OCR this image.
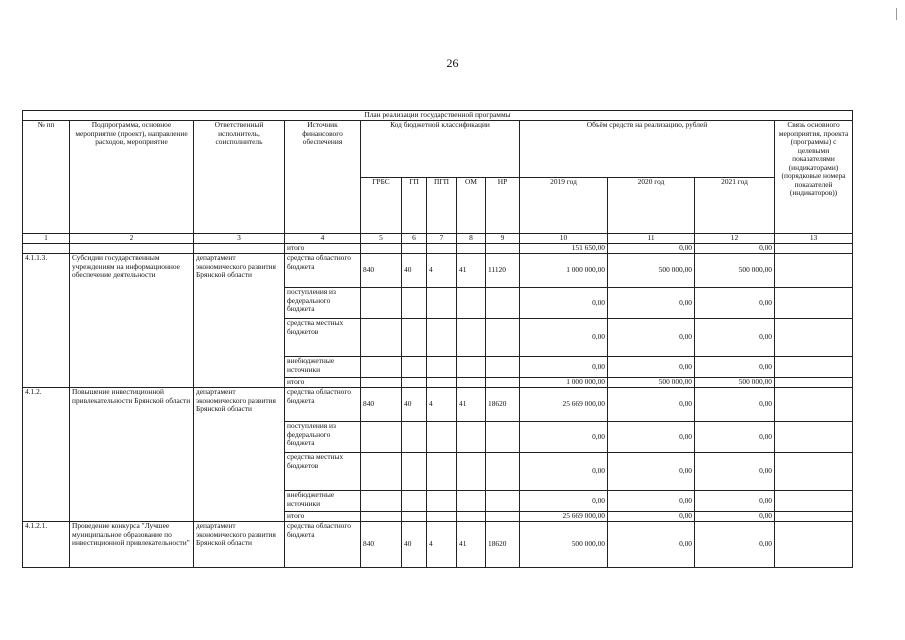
26
План реализации государственной программы												
№ пп	Подпрограмма, основное мероприятие (проект), направление расходов, мероприятие	Ответственный исполнитель, соисполнитель	Источник финансового обеспечения	Код бюджетной классификации					Объём средств на реализацию, рублей			Связь основного мероприятия, проекта (программы) с целевыми показателями (индикаторами) (порядковые номера показателей (индикаторов))
				ГРБС	ГП	ПГП	ОМ	НР	2019 год	2020 год	2021 год	
1	2	3	4	5	6	7	8	9	10	11	12	13
			итого						151 650,00	0,00	0,00	
4.1.1.3.	Субсидии государственным учреждениям на информационное обеспечение деятельности	департамент экономического развития Брянской области	средства областного бюджета	840	40	4	41	11120	1 000 000,00	500 000,00	500 000,00	
			поступления из федерального бюджета						0,00	0,00	0,00	
			средства местных бюджетов						0,00	0,00	0,00	
			внебюджетные источники						0,00	0,00	0,00	
			итого						1 000 000,00	500 000,00	500 000,00	
4.1.2.	Повышение инвестиционной привлекательности Брянской области	департамент экономического развития Брянской области	средства областного бюджета	840	40	4	41	18620	25 669 000,00	0,00	0,00	
			поступления из федерального бюджета						0,00	0,00	0,00	
			средства местных бюджетов						0,00	0,00	0,00	
			внебюджетные источники						0,00	0,00	0,00	
			итого						25 669 000,00	0,00	0,00	
4.1.2.1.	Проведение конкурса "Лучшее муниципальное образование по инвестиционной привлекательности"	департамент экономического развития Брянской области	средства областного бюджета	840	40	4	41	18620	500 000,00	0,00	0,00	
